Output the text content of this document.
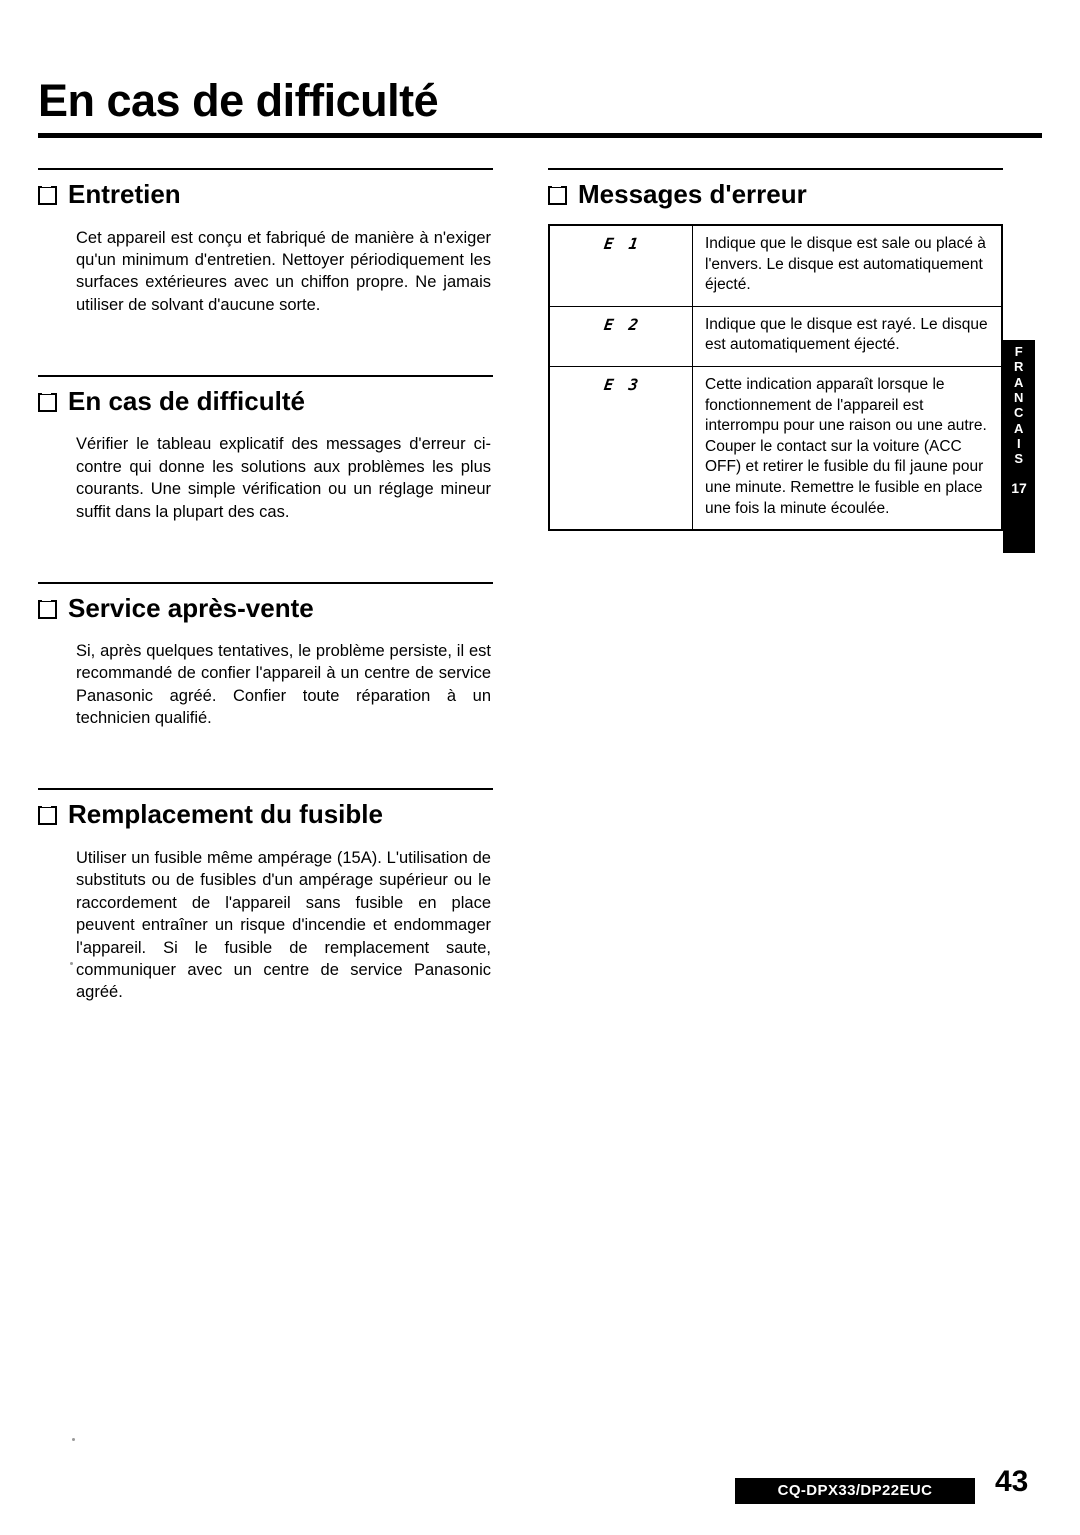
En cas de difficulté
Entretien

Cet appareil est conçu et fabriqué de manière à n'exiger qu'un minimum d'entretien. Nettoyer périodiquement les surfaces extérieures avec un chiffon propre. Ne jamais utiliser de solvant d'aucune sorte.

En cas de difficulté

Vérifier le tableau explicatif des messages d'erreur ci-contre qui donne les solutions aux problèmes les plus courants. Une simple vérification ou un réglage mineur suffit dans la plupart des cas.

Service après-vente

Si, après quelques tentatives, le problème persiste, il est recommandé de confier l'appareil à un centre de service Panasonic agréé. Confier toute réparation à un technicien qualifié.

Remplacement du fusible

Utiliser un fusible même ampérage (15A). L'utilisation de substituts ou de fusibles d'un ampérage supérieur ou le raccordement de l'appareil sans fusible en place peuvent entraîner un risque d'incendie et endommager l'appareil. Si le fusible de remplacement saute, communiquer avec un centre de service Panasonic agréé.

Messages d'erreur
E 1	Indique que le disque est sale ou placé à l'envers. Le disque est automatiquement éjecté.
E 2	Indique que le disque est rayé. Le disque est automatiquement éjecté.
E 3	Cette indication apparaît lorsque le fonctionnement de l'appareil est interrompu pour une raison ou une autre. Couper le contact sur la voiture (ACC OFF) et retirer le fusible du fil jaune pour une minute. Remettre le fusible en place une fois la minute écoulée.
F
R
A
N
C
A
I
S
17
CQ-DPX33/DP22EUC	43
